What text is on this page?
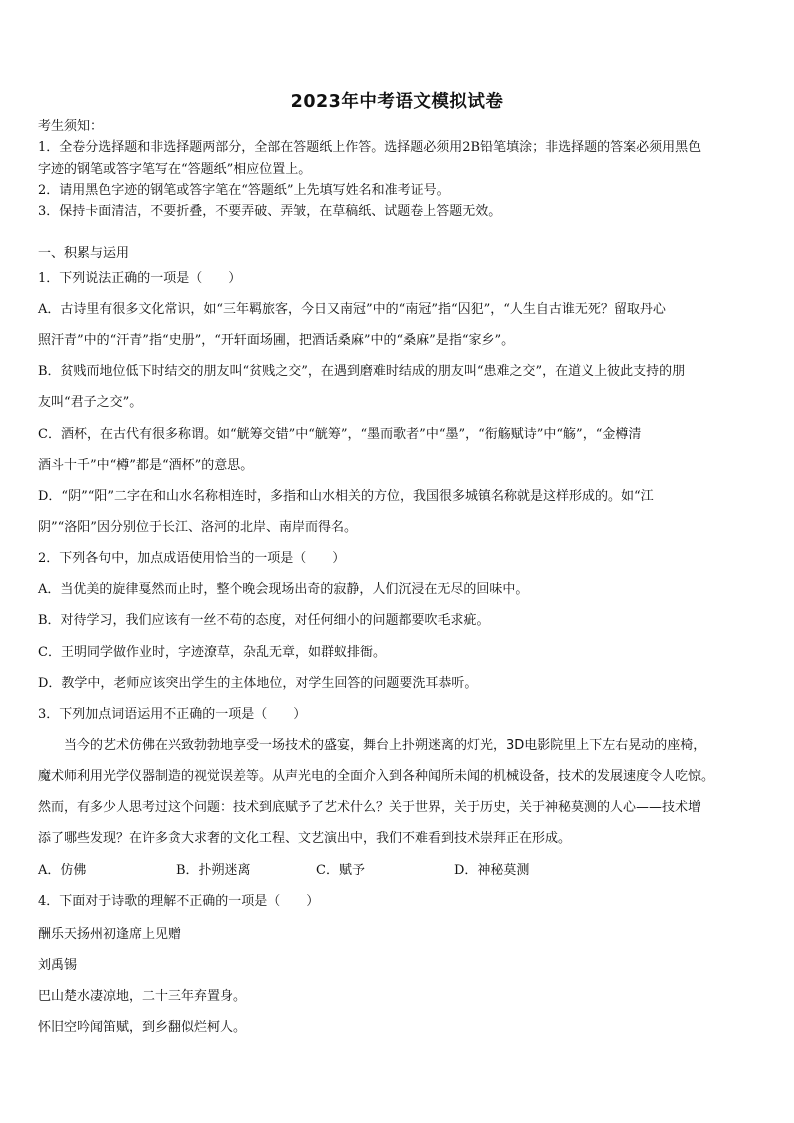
2023年中考语文模拟试卷
考生须知：
1．全卷分选择题和非选择题两部分，全部在答题纸上作答。选择题必须用2B铅笔填涂；非选择题的答案必须用黑色
字迹的钢笔或答字笔写在“答题纸”相应位置上。
2．请用黑色字迹的钢笔或答字笔在“答题纸”上先填写姓名和准考证号。
3．保持卡面清洁，不要折叠，不要弄破、弄皱，在草稿纸、试题卷上答题无效。
一、积累与运用
1．下列说法正确的一项是（　　）
A．古诗里有很多文化常识，如“三年羁旅客，今日又南冠”中的“南冠”指“囚犯”，“人生自古谁无死？留取丹心
照汗青”中的“汗青”指“史册”，“开轩面场圃，把酒话桑麻”中的“桑麻”是指“家乡”。
B．贫贱而地位低下时结交的朋友叫“贫贱之交”，在遇到磨难时结成的朋友叫“患难之交”，在道义上彼此支持的朋
友叫“君子之交”。
C．酒杯，在古代有很多称谓。如“觥筹交错”中“觥筹”，“墨而歌者”中“墨”，“衔觞赋诗”中“觞”，“金樽清
酒斗十千”中“樽”都是“酒杯”的意思。
D．“阴”“阳”二字在和山水名称相连时，多指和山水相关的方位，我国很多城镇名称就是这样形成的。如“江
阴”“洛阳”因分别位于长江、洛河的北岸、南岸而得名。
2．下列各句中，加点成语使用恰当的一项是（　　）
A．当优美的旋律戛然而止时，整个晚会现场出奇的寂静，人们沉浸在无尽的回味中。
B．对待学习，我们应该有一丝不苟的态度，对任何细小的问题都要吹毛求疵。
C．王明同学做作业时，字迹潦草，杂乱无章，如群蚁排衙。
D．教学中，老师应该突出学生的主体地位，对学生回答的问题要洗耳恭听。
3．下列加点词语运用不正确的一项是（　　）
当今的艺术仿佛在兴致勃勃地享受一场技术的盛宴，舞台上扑朔迷离的灯光，3D电影院里上下左右晃动的座椅，
魔术师利用光学仪器制造的视觉误差等。从声光电的全面介入到各种闻所未闻的机械设备，技术的发展速度令人吃惊。
然而，有多少人思考过这个问题：技术到底赋予了艺术什么？关于世界，关于历史，关于神秘莫测的人心——技术增
添了哪些发现？在许多贪大求奢的文化工程、文艺演出中，我们不难看到技术崇拜正在形成。
A．仿佛	B．扑朔迷离	C．赋予	D．神秘莫测
4．下面对于诗歌的理解不正确的一项是（　　）
酬乐天扬州初逢席上见赠
刘禹锡
巴山楚水凄凉地，二十三年弃置身。
怀旧空吟闻笛赋，到乡翻似烂柯人。
